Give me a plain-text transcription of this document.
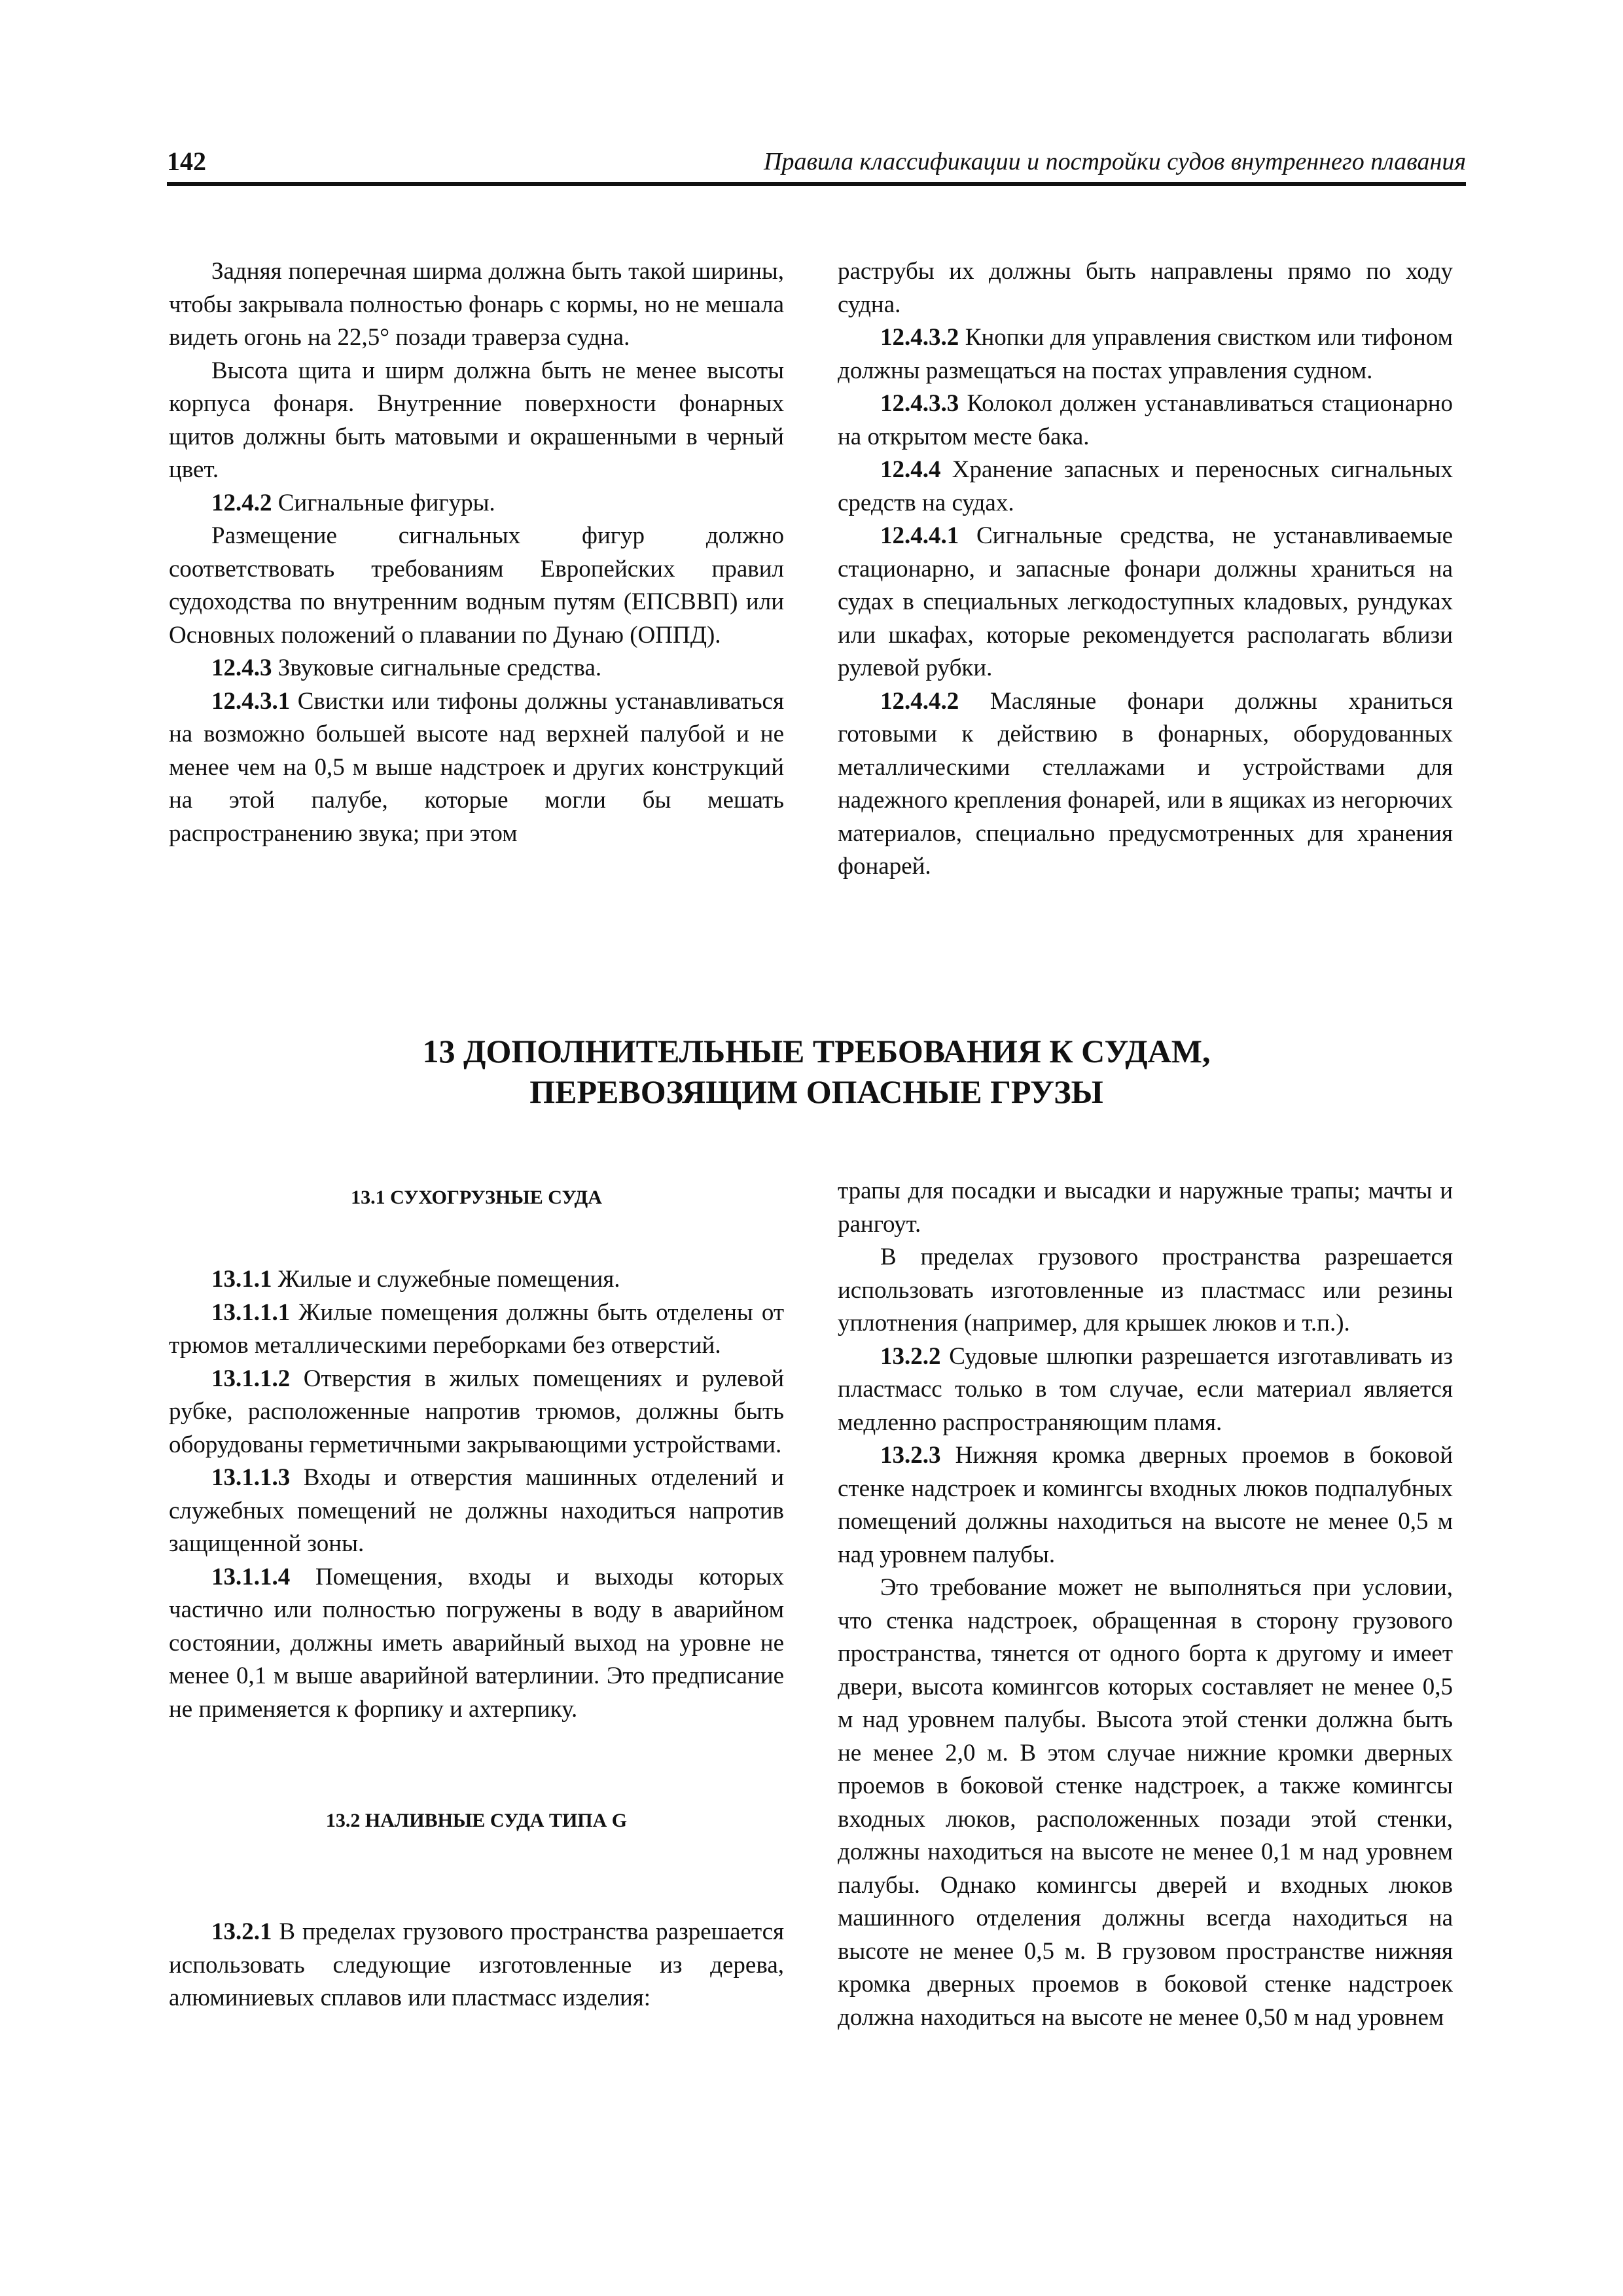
142	Правила классификации и постройки судов внутреннего плавания

Задняя поперечная ширма должна быть такой ширины, чтобы закрывала полностью фонарь с кормы, но не мешала видеть огонь на 22,5° позади траверза судна.

Высота щита и ширм должна быть не менее высоты корпуса фонаря. Внутренние поверхности фонарных щитов должны быть матовыми и окрашенными в черный цвет.

12.4.2 Сигнальные фигуры.

Размещение сигнальных фигур должно соответствовать требованиям Европейских правил судоходства по внутренним водным путям (ЕПСВВП) или Основных положений о плавании по Дунаю (ОППД).

12.4.3 Звуковые сигнальные средства.

12.4.3.1 Свистки или тифоны должны устанавливаться на возможно большей высоте над верхней палубой и не менее чем на 0,5 м выше надстроек и других конструкций на этой палубе, которые могли бы мешать распространению звука; при этом

раструбы их должны быть направлены прямо по ходу судна.

12.4.3.2 Кнопки для управления свистком или тифоном должны размещаться на постах управления судном.

12.4.3.3 Колокол должен устанавливаться стационарно на открытом месте бака.

12.4.4 Хранение запасных и переносных сигнальных средств на судах.

12.4.4.1 Сигнальные средства, не устанавливаемые стационарно, и запасные фонари должны храниться на судах в специальных легкодоступных кладовых, рундуках или шкафах, которые рекомендуется располагать вблизи рулевой рубки.

12.4.4.2 Масляные фонари должны храниться готовыми к действию в фонарных, оборудованных металлическими стеллажами и устройствами для надежного крепления фонарей, или в ящиках из негорючих материалов, специально предусмотренных для хранения фонарей.

13 ДОПОЛНИТЕЛЬНЫЕ ТРЕБОВАНИЯ К СУДАМ,
ПЕРЕВОЗЯЩИМ ОПАСНЫЕ ГРУЗЫ

13.1 СУХОГРУЗНЫЕ СУДА

13.1.1 Жилые и служебные помещения.

13.1.1.1 Жилые помещения должны быть отделены от трюмов металлическими переборками без отверстий.

13.1.1.2 Отверстия в жилых помещениях и рулевой рубке, расположенные напротив трюмов, должны быть оборудованы герметичными закрывающими устройствами.

13.1.1.3 Входы и отверстия машинных отделений и служебных помещений не должны находиться напротив защищенной зоны.

13.1.1.4 Помещения, входы и выходы которых частично или полностью погружены в воду в аварийном состоянии, должны иметь аварийный выход на уровне не менее 0,1 м выше аварийной ватерлинии. Это предписание не применяется к форпику и ахтерпику.

13.2 НАЛИВНЫЕ СУДА ТИПА G

13.2.1 В пределах грузового пространства разрешается использовать следующие изготовленные из дерева, алюминиевых сплавов или пластмасс изделия:

трапы для посадки и высадки и наружные трапы; мачты и рангоут.

В пределах грузового пространства разрешается использовать изготовленные из пластмасс или резины уплотнения (например, для крышек люков и т.п.).

13.2.2 Судовые шлюпки разрешается изготавливать из пластмасс только в том случае, если материал является медленно распространяющим пламя.

13.2.3 Нижняя кромка дверных проемов в боковой стенке надстроек и комингсы входных люков подпалубных помещений должны находиться на высоте не менее 0,5 м над уровнем палубы.

Это требование может не выполняться при условии, что стенка надстроек, обращенная в сторону грузового пространства, тянется от одного борта к другому и имеет двери, высота комингсов которых составляет не менее 0,5 м над уровнем палубы. Высота этой стенки должна быть не менее 2,0 м. В этом случае нижние кромки дверных проемов в боковой стенке надстроек, а также комингсы входных люков, расположенных позади этой стенки, должны находиться на высоте не менее 0,1 м над уровнем палубы. Однако комингсы дверей и входных люков машинного отделения должны всегда находиться на высоте не менее 0,5 м. В грузовом пространстве нижняя кромка дверных проемов в боковой стенке надстроек должна находиться на высоте не менее 0,50 м над уровнем
